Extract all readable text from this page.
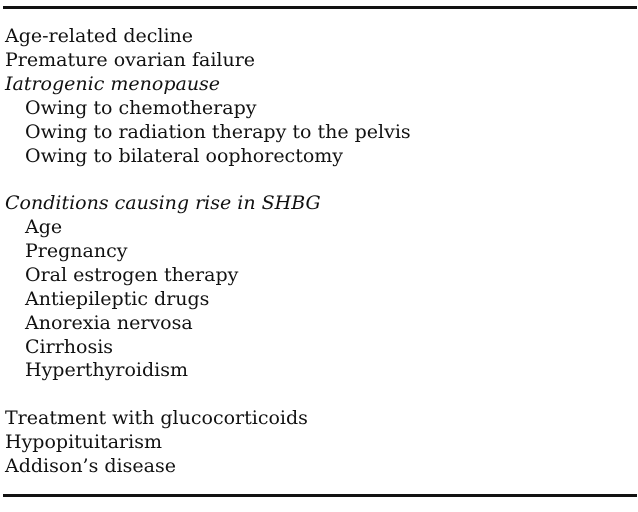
Age-related decline
Premature ovarian failure
Iatrogenic menopause
Owing to chemotherapy
Owing to radiation therapy to the pelvis
Owing to bilateral oophorectomy
Conditions causing rise in SHBG
Age
Pregnancy
Oral estrogen therapy
Antiepileptic drugs
Anorexia nervosa
Cirrhosis
Hyperthyroidism
Treatment with glucocorticoids
Hypopituitarism
Addison’s disease
